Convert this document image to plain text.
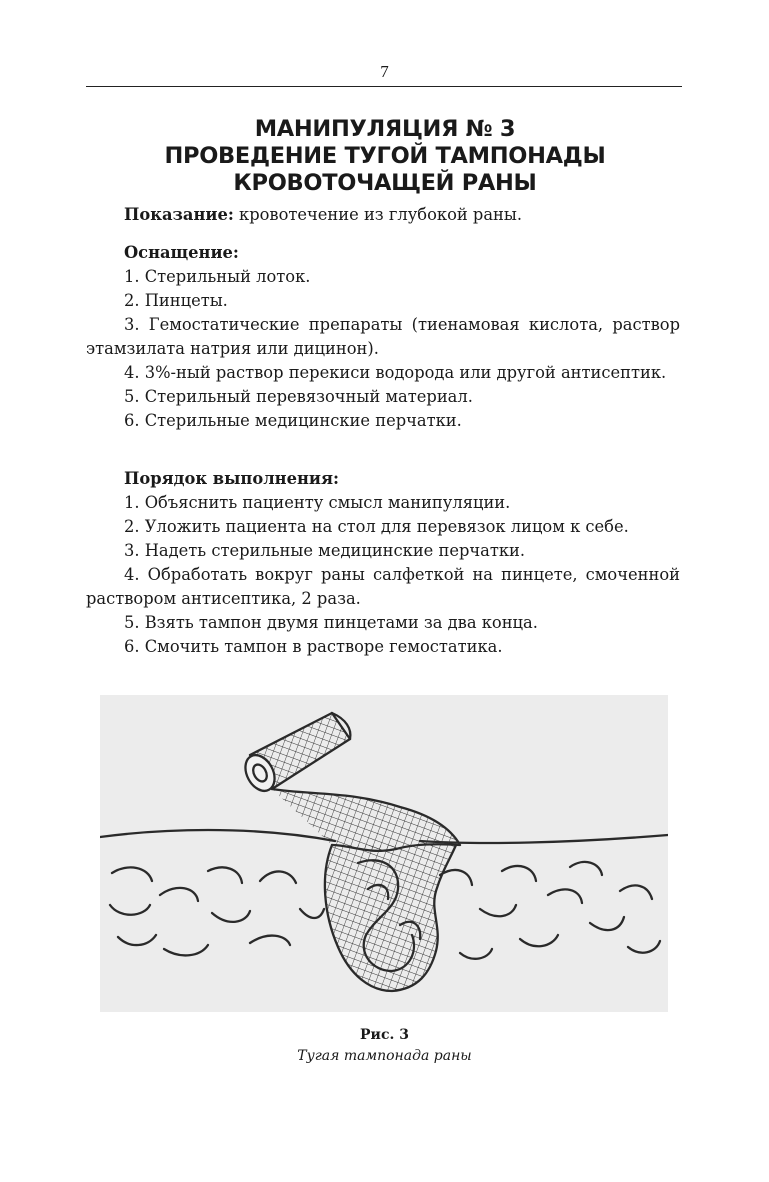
7
МАНИПУЛЯЦИЯ № 3
ПРОВЕДЕНИЕ ТУГОЙ ТАМПОНАДЫ
КРОВОТОЧАЩЕЙ РАНЫ
Показание: кровотечение из глубокой раны.
Оснащение:
1. Стерильный лоток.
2. Пинцеты.
3. Гемостатические препараты (тиенамовая кислота, раствор этамзилата натрия или дицинон).
4. 3%-ный раствор перекиси водорода или другой антисептик.
5. Стерильный перевязочный материал.
6. Стерильные медицинские перчатки.
Порядок выполнения:
1. Объяснить пациенту смысл манипуляции.
2. Уложить пациента на стол для перевязок лицом к себе.
3. Надеть стерильные медицинские перчатки.
4. Обработать вокруг раны салфеткой на пинцете, смоченной раствором антисептика, 2 раза.
5. Взять тампон двумя пинцетами за два конца.
6. Смочить тампон в растворе гемостатика.
Рис. 3
Тугая тампонада раны
